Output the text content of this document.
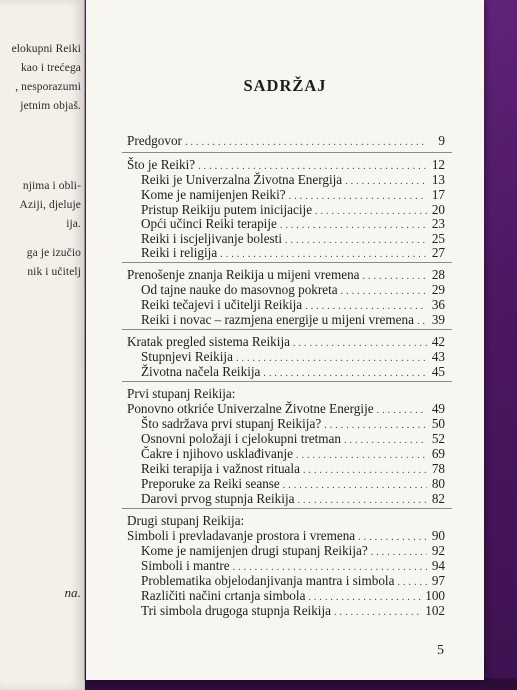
elokupni Reiki
kao i trećega
, nesporazumi
jetnim objaš.
njima i obli-
Aziji, djeluje
ija.
ga je izučio
nik i učitelj
na.
SADRŽAJ
Predgovor .....	9
Što je Reiki? .....	12
Reiki je Univerzalna Životna Energija .....	13
Kome je namijenjen Reiki? .....	17
Pristup Reikiju putem inicijacije .....	20
Opći učinci Reiki terapije .....	23
Reiki i iscjeljivanje bolesti .....	25
Reiki i religija .....	27
Prenošenje znanja Reikija u mijeni vremena .....	28
Od tajne nauke do masovnog pokreta .....	29
Reiki tečajevi i učitelji Reikija .....	36
Reiki i novac – razmjena energije u mijeni vremena .....	39
Kratak pregled sistema Reikija .....	42
Stupnjevi Reikija .....	43
Životna načela Reikija .....	45
Prvi stupanj Reikija:
Ponovno otkriće Univerzalne Životne Energije .....	49
Što sadržava prvi stupanj Reikija? .....	50
Osnovni položaji i cjelokupni tretman .....	52
Čakre i njihovo usklađivanje .....	69
Reiki terapija i važnost rituala .....	78
Preporuke za Reiki seanse .....	80
Darovi prvog stupnja Reikija .....	82
Drugi stupanj Reikija:
Simboli i prevladavanje prostora i vremena .....	90
Kome je namijenjen drugi stupanj Reikija? .....	92
Simboli i mantre .....	94
Problematika objelodanjivanja mantra i simbola .....	97
Različiti načini crtanja simbola .....	100
Tri simbola drugoga stupnja Reikija .....	102
5
